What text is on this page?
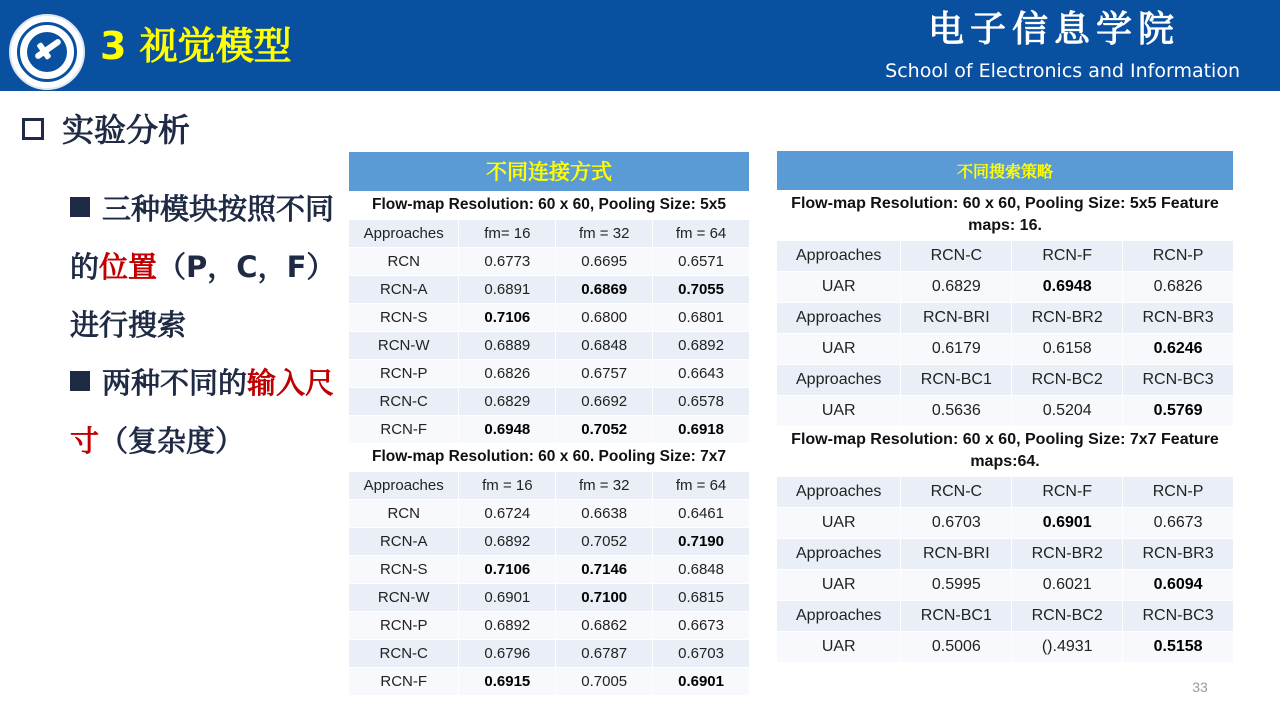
3 视觉模型	电子信息学院
School of Electronics and Information
实验分析
三种模块按照不同的位置（P，C，F）进行搜索
两种不同的输入尺寸（复杂度）
不同连接方式			
Flow-map Resolution: 60 x 60, Pooling Size: 5x5			
Approaches	fm= 16	fm = 32	fm = 64
RCN	0.6773	0.6695	0.6571
RCN-A	0.6891	0.6869	0.7055
RCN-S	0.7106	0.6800	0.6801
RCN-W	0.6889	0.6848	0.6892
RCN-P	0.6826	0.6757	0.6643
RCN-C	0.6829	0.6692	0.6578
RCN-F	0.6948	0.7052	0.6918
Flow-map Resolution: 60 x 60. Pooling Size: 7x7			
Approaches	fm = 16	fm = 32	fm = 64
RCN	0.6724	0.6638	0.6461
RCN-A	0.6892	0.7052	0.7190
RCN-S	0.7106	0.7146	0.6848
RCN-W	0.6901	0.7100	0.6815
RCN-P	0.6892	0.6862	0.6673
RCN-C	0.6796	0.6787	0.6703
RCN-F	0.6915	0.7005	0.6901
不同搜索策略			
Flow-map Resolution: 60 x 60, Pooling Size: 5x5 Feature maps: 16.			
Approaches	RCN-C	RCN-F	RCN-P
UAR	0.6829	0.6948	0.6826
Approaches	RCN-BRI	RCN-BR2	RCN-BR3
UAR	0.6179	0.6158	0.6246
Approaches	RCN-BC1	RCN-BC2	RCN-BC3
UAR	0.5636	0.5204	0.5769
Flow-map Resolution: 60 x 60, Pooling Size: 7x7 Feature maps:64.			
Approaches	RCN-C	RCN-F	RCN-P
UAR	0.6703	0.6901	0.6673
Approaches	RCN-BRI	RCN-BR2	RCN-BR3
UAR	0.5995	0.6021	0.6094
Approaches	RCN-BC1	RCN-BC2	RCN-BC3
UAR	0.5006	().4931	0.5158
33
